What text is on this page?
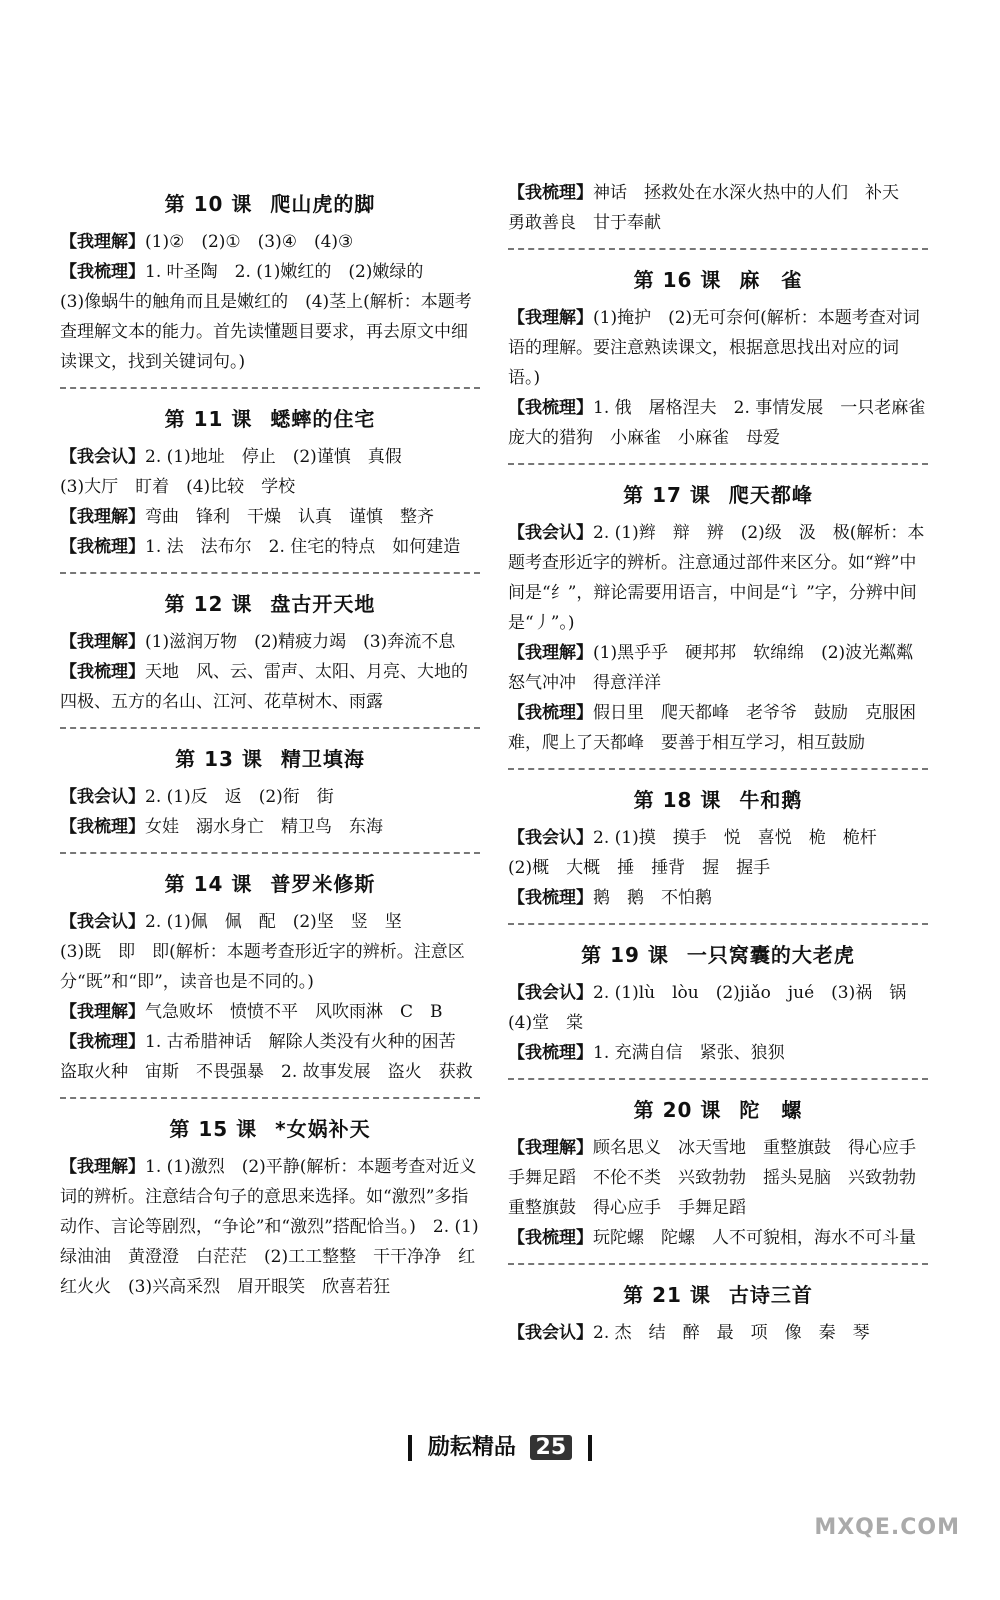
第 10 课 爬山虎的脚
【我理解】(1)②　(2)①　(3)④　(4)③
【我梳理】1. 叶圣陶　2. (1)嫩红的　(2)嫩绿的
(3)像蜗牛的触角而且是嫩红的　(4)茎上(解析：本题考查理解文本的能力。首先读懂题目要求，再去原文中细读课文，找到关键词句。)
第 11 课 蟋蟀的住宅
【我会认】2. (1)地址　停止　(2)谨慎　真假
(3)大厅　盯着　(4)比较　学校
【我理解】弯曲　锋利　干燥　认真　谨慎　整齐
【我梳理】1. 法　法布尔　2. 住宅的特点　如何建造
第 12 课 盘古开天地
【我理解】(1)滋润万物　(2)精疲力竭　(3)奔流不息
【我梳理】天地　风、云、雷声、太阳、月亮、大地的四极、五方的名山、江河、花草树木、雨露
第 13 课 精卫填海
【我会认】2. (1)反　返　(2)衔　街
【我梳理】女娃　溺水身亡　精卫鸟　东海
第 14 课 普罗米修斯
【我会认】2. (1)佩　佩　配　(2)坚　竖　坚
(3)既　即　即(解析：本题考查形近字的辨析。注意区分“既”和“即”，读音也是不同的。)
【我理解】气急败坏　愤愤不平　风吹雨淋　C　B
【我梳理】1. 古希腊神话　解除人类没有火种的困苦　盗取火种　宙斯　不畏强暴　2. 故事发展　盗火　获救
第 15 课 *女娲补天
【我理解】1. (1)激烈　(2)平静(解析：本题考查对近义词的辨析。注意结合句子的意思来选择。如“激烈”多指动作、言论等剧烈，“争论”和“激烈”搭配恰当。)　2. (1)绿油油　黄澄澄　白茫茫　(2)工工整整　干干净净　红红火火　(3)兴高采烈　眉开眼笑　欣喜若狂
【我梳理】神话　拯救处在水深火热中的人们　补天　勇敢善良　甘于奉献
第 16 课 麻　雀
【我理解】(1)掩护　(2)无可奈何(解析：本题考查对词语的理解。要注意熟读课文，根据意思找出对应的词语。)
【我梳理】1. 俄　屠格涅夫　2. 事情发展　一只老麻雀　庞大的猎狗　小麻雀　小麻雀　母爱
第 17 课 爬天都峰
【我会认】2. (1)辫　辩　辨　(2)级　汲　极(解析：本题考查形近字的辨析。注意通过部件来区分。如“辫”中间是“纟”，辩论需要用语言，中间是“讠”字，分辨中间是“丿”。)
【我理解】(1)黑乎乎　硬邦邦　软绵绵　(2)波光粼粼　怒气冲冲　得意洋洋
【我梳理】假日里　爬天都峰　老爷爷　鼓励　克服困难，爬上了天都峰　要善于相互学习，相互鼓励
第 18 课 牛和鹅
【我会认】2. (1)摸　摸手　悦　喜悦　桅　桅杆
(2)概　大概　捶　捶背　握　握手
【我梳理】鹅　鹅　不怕鹅
第 19 课 一只窝囊的大老虎
【我会认】2. (1)lù　lòu　(2)jiǎo　jué　(3)祸　锅　(4)堂　棠
【我梳理】1. 充满自信　紧张、狼狈
第 20 课 陀　螺
【我理解】顾名思义　冰天雪地　重整旗鼓　得心应手　手舞足蹈　不伦不类　兴致勃勃　摇头晃脑　兴致勃勃　重整旗鼓　得心应手　手舞足蹈
【我梳理】玩陀螺　陀螺　人不可貌相，海水不可斗量
第 21 课 古诗三首
【我会认】2. 杰　结　醉　最　项　像　秦　琴
励耘精品 25
MXQE.COM
